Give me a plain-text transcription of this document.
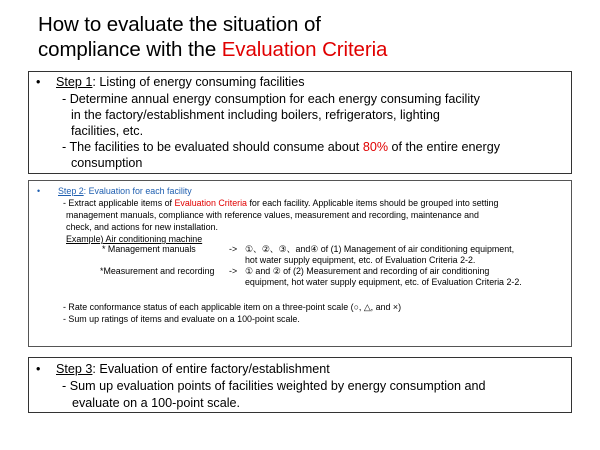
How to evaluate the situation of
compliance with the Evaluation Criteria
• Step 1: Listing of energy consuming facilities
- Determine annual energy consumption for each energy consuming facility
in the factory/establishment including boilers, refrigerators, lighting
facilities, etc.
- The facilities to be evaluated should consume about 80% of the entire energy
consumption
• Step 2: Evaluation for each facility
- Extract applicable items of Evaluation Criteria for each facility. Applicable items should be grouped into setting
management manuals, compliance with reference values, measurement and recording, maintenance and
check, and actions for new installation.
Example) Air conditioning machine
* Management manuals	-> ①、②、③、and④ of (1) Management of air conditioning equipment,
hot water supply equipment, etc. of Evaluation Criteria 2-2.
*Measurement and recording -> ① and ② of (2) Measurement and recording of air conditioning
equipment, hot water supply equipment, etc. of Evaluation Criteria 2-2.
- Rate conformance status of each applicable item on a three-point scale (○, △, and ×)
- Sum up ratings of items and evaluate on a 100-point scale.
• Step 3: Evaluation of entire factory/establishment
- Sum up evaluation points of facilities weighted by energy consumption and
evaluate on a 100-point scale.
